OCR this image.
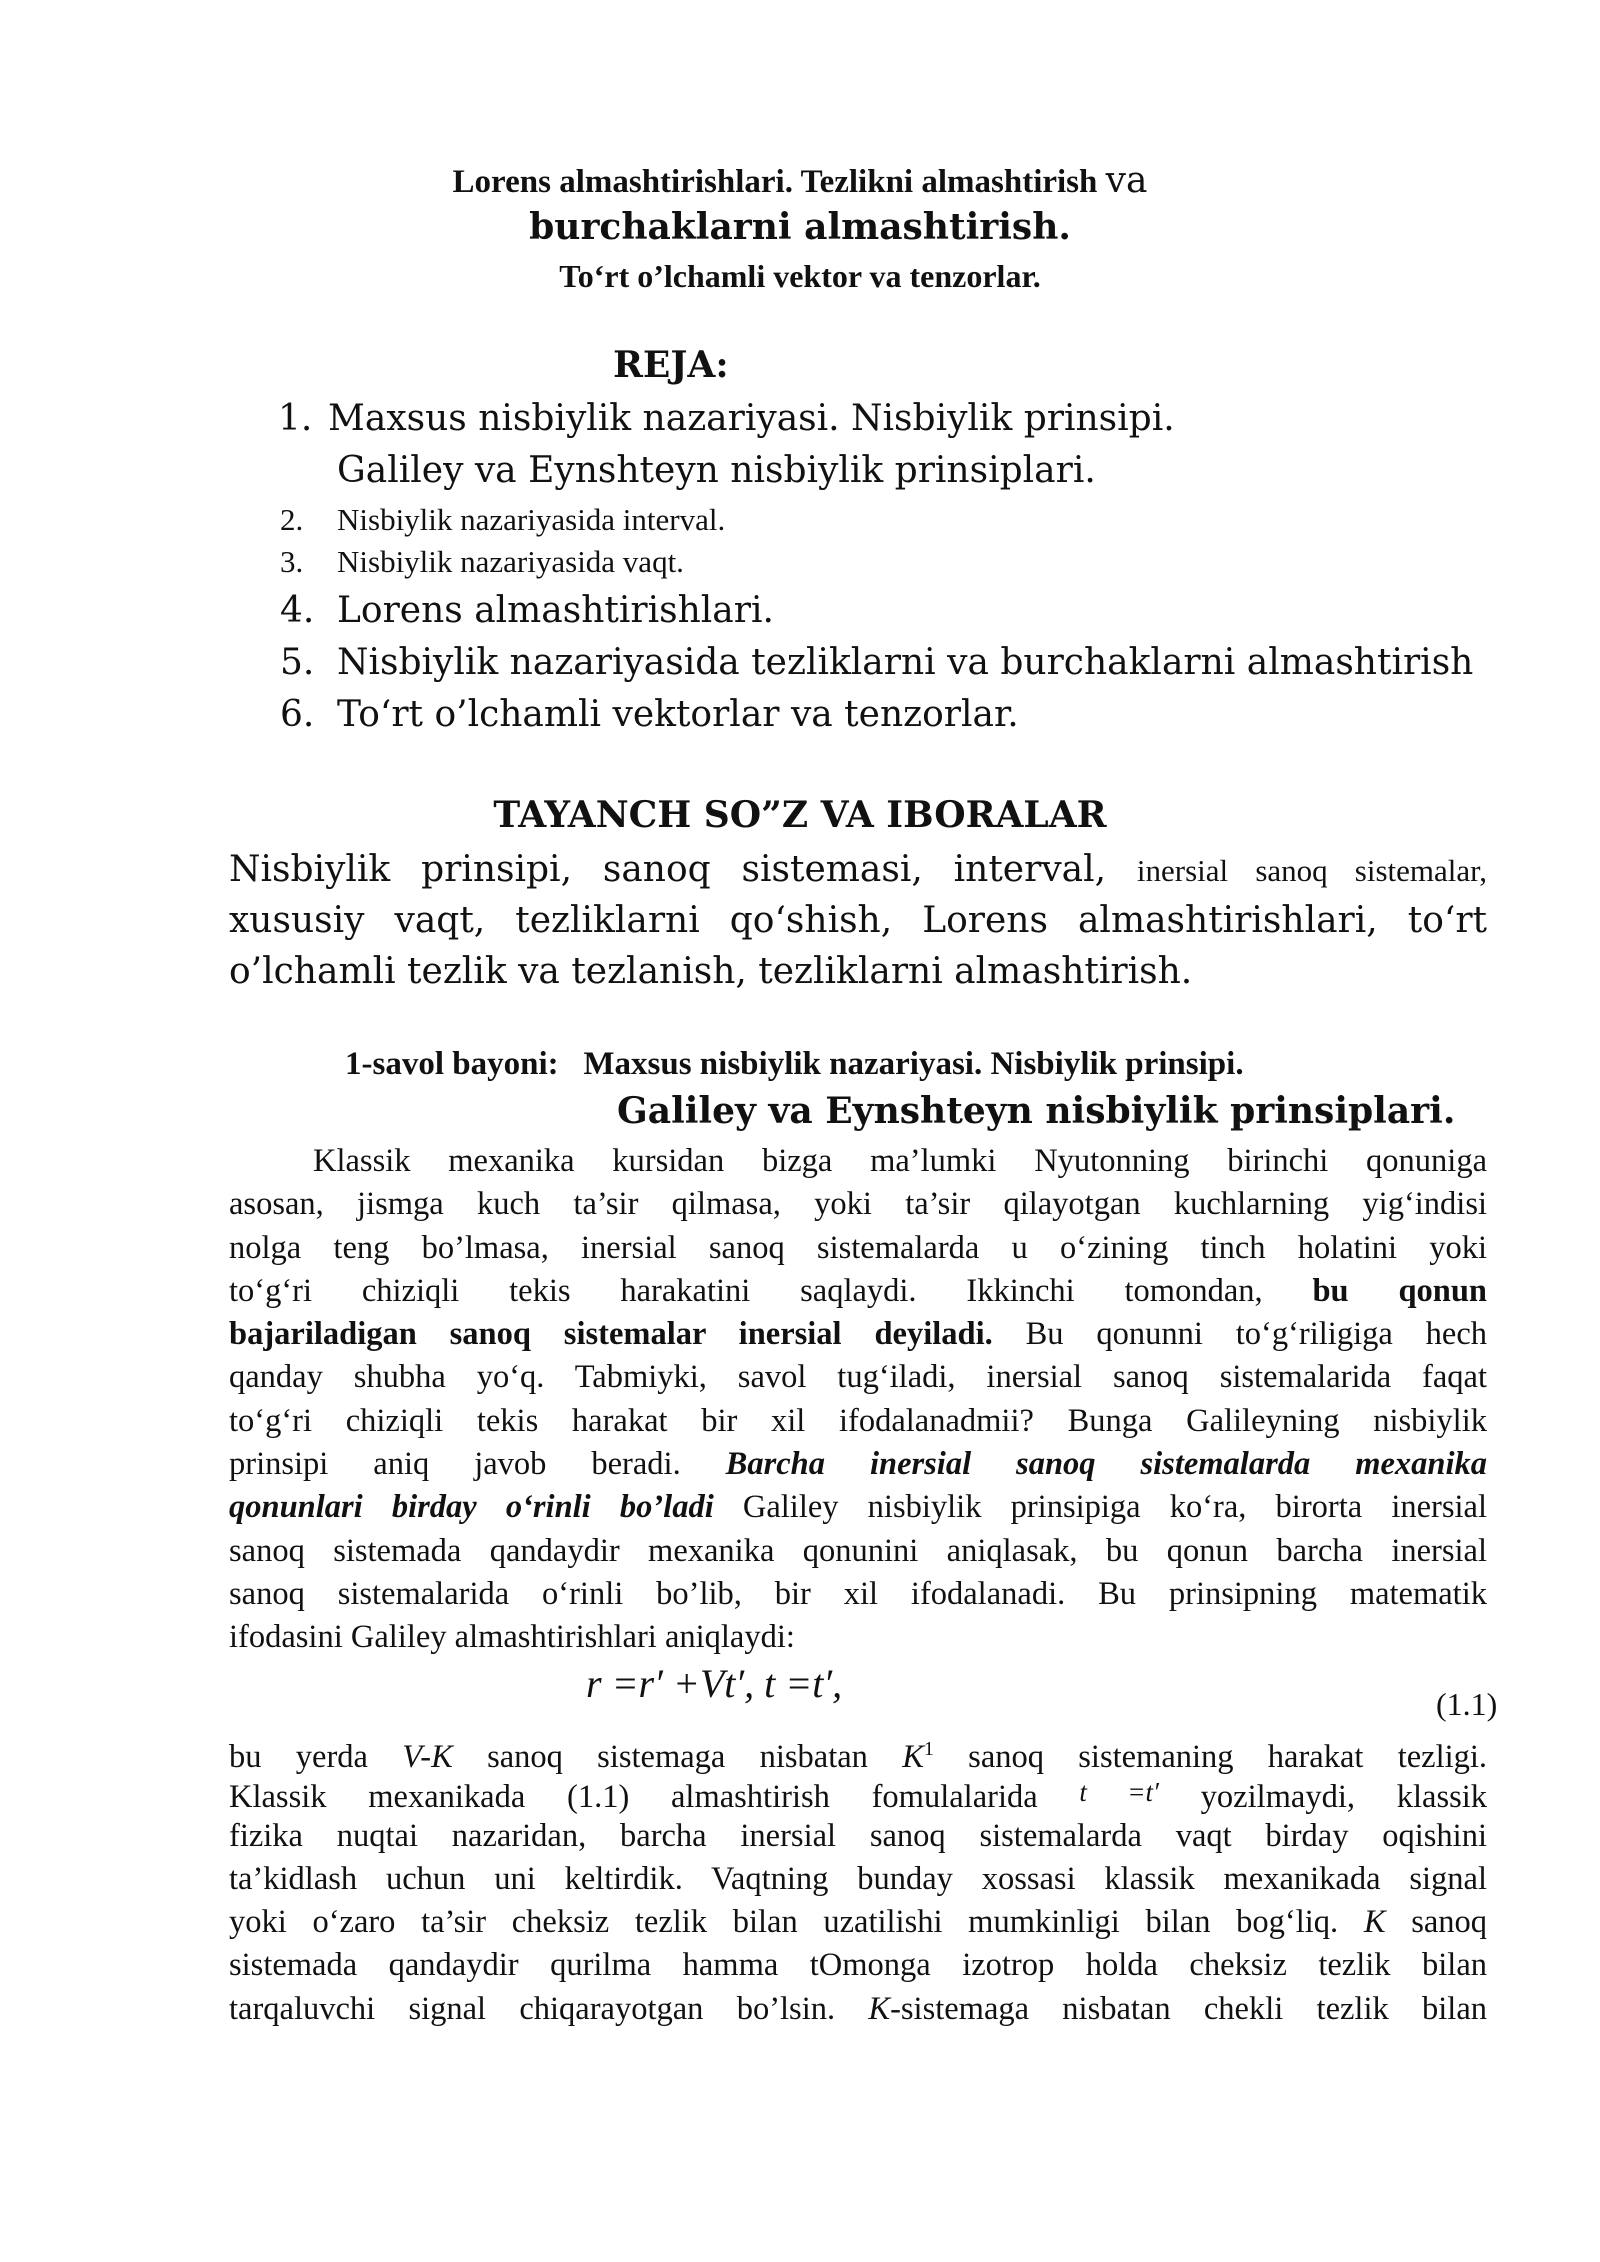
Lorens almashtirishlari. Tezlikni almashtirish va
burchaklarni almashtirish.
To‘rt o’lchamli vektor va tenzorlar.
REJA:
1. Maxsus nisbiylik nazariyasi. Nisbiylik prinsipi.
Galiley va Eynshteyn nisbiylik prinsiplari.
2. Nisbiylik nazariyasida interval.
3. Nisbiylik nazariyasida vaqt.
4. Lorens almashtirishlari.
5. Nisbiylik nazariyasida tezliklarni va burchaklarni almashtirish
6. To‘rt o’lchamli vektorlar va tenzorlar.
TAYANCH SO”Z VA IBORALAR
Nisbiylik prinsipi, sanoq sistemasi, interval, inersial sanoq sistemalar,
xususiy vaqt, tezliklarni qo‘shish, Lorens almashtirishlari, to‘rt
o’lchamli tezlik va tezlanish, tezliklarni almashtirish.
1-savol bayoni: Maxsus nisbiylik nazariyasi. Nisbiylik prinsipi.
Galiley va Eynshteyn nisbiylik prinsiplari.
Klassik mexanika kursidan bizga ma’lumki Nyutonning birinchi qonuniga
asosan, jismga kuch ta’sir qilmasa, yoki ta’sir qilayotgan kuchlarning yig‘indisi
nolga teng bo’lmasa, inersial sanoq sistemalarda u o‘zining tinch holatini yoki
to‘g‘ri chiziqli tekis harakatini saqlaydi. Ikkinchi tomondan, bu qonun
bajariladigan sanoq sistemalar inersial deyiladi. Bu qonunni to‘g‘riligiga hech
qanday shubha yo‘q. Tabmiyki, savol tug‘iladi, inersial sanoq sistemalarida faqat
to‘g‘ri chiziqli tekis harakat bir xil ifodalanadmii? Bunga Galileyning nisbiylik
prinsipi aniq javob beradi. Barcha inersial sanoq sistemalarda mexanika
qonunlari birday o‘rinli bo’ladi Galiley nisbiylik prinsipiga ko‘ra, birorta inersial
sanoq sistemada qandaydir mexanika qonunini aniqlasak, bu qonun barcha inersial
sanoq sistemalarida o‘rinli bo’lib, bir xil ifodalanadi. Bu prinsipning matematik
ifodasini Galiley almashtirishlari aniqlaydi:
r =r′ +Vt′, t =t′,	(1.1)
bu yerda V-K sanoq sistemaga nisbatan $K^1$ sanoq sistemaning harakat tezligi.
Klassik mexanikada (1.1) almashtirish fomulalarida t =t′ yozilmaydi, klassik
fizika nuqtai nazaridan, barcha inersial sanoq sistemalarda vaqt birday oqishini
ta’kidlash uchun uni keltirdik. Vaqtning bunday xossasi klassik mexanikada signal
yoki o‘zaro ta’sir cheksiz tezlik bilan uzatilishi mumkinligi bilan bog‘liq. K sanoq
sistemada qandaydir qurilma hamma tOmonga izotrop holda cheksiz tezlik bilan
tarqaluvchi signal chiqarayotgan bo’lsin. K-sistemaga nisbatan chekli tezlik bilan
